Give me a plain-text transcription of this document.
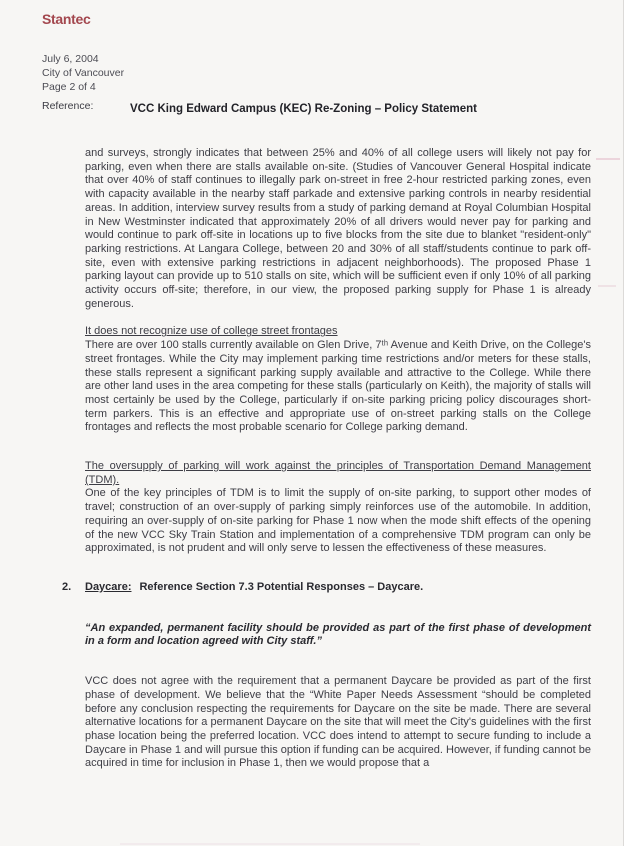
Stantec
July 6, 2004
City of Vancouver
Page 2 of 4
Reference:	VCC King Edward Campus (KEC) Re-Zoning – Policy Statement
and surveys, strongly indicates that between 25% and 40% of all college users will likely not pay for parking, even when there are stalls available on-site. (Studies of Vancouver General Hospital indicate that over 40% of staff continues to illegally park on-street in free 2-hour restricted parking zones, even with capacity available in the nearby staff parkade and extensive parking controls in nearby residential areas. In addition, interview survey results from a study of parking demand at Royal Columbian Hospital in New Westminster indicated that approximately 20% of all drivers would never pay for parking and would continue to park off-site in locations up to five blocks from the site due to blanket "resident-only" parking restrictions. At Langara College, between 20 and 30% of all staff/students continue to park off-site, even with extensive parking restrictions in adjacent neighborhoods). The proposed Phase 1 parking layout can provide up to 510 stalls on site, which will be sufficient even if only 10% of all parking activity occurs off-site; therefore, in our view, the proposed parking supply for Phase 1 is already generous.
It does not recognize use of college street frontages
There are over 100 stalls currently available on Glen Drive, 7ᵗʰ Avenue and Keith Drive, on the College's street frontages. While the City may implement parking time restrictions and/or meters for these stalls, these stalls represent a significant parking supply available and attractive to the College. While there are other land uses in the area competing for these stalls (particularly on Keith), the majority of stalls will most certainly be used by the College, particularly if on-site parking pricing policy discourages short-term parkers. This is an effective and appropriate use of on-street parking stalls on the College frontages and reflects the most probable scenario for College parking demand.
The oversupply of parking will work against the principles of Transportation Demand Management (TDM).
One of the key principles of TDM is to limit the supply of on-site parking, to support other modes of travel; construction of an over-supply of parking simply reinforces use of the automobile. In addition, requiring an over-supply of on-site parking for Phase 1 now when the mode shift effects of the opening of the new VCC Sky Train Station and implementation of a comprehensive TDM program can only be approximated, is not prudent and will only serve to lessen the effectiveness of these measures.
2. Daycare: Reference Section 7.3 Potential Responses – Daycare.
“An expanded, permanent facility should be provided as part of the first phase of development in a form and location agreed with City staff.”
VCC does not agree with the requirement that a permanent Daycare be provided as part of the first phase of development. We believe that the “White Paper Needs Assessment “should be completed before any conclusion respecting the requirements for Daycare on the site be made. There are several alternative locations for a permanent Daycare on the site that will meet the City's guidelines with the first phase location being the preferred location. VCC does intend to attempt to secure funding to include a Daycare in Phase 1 and will pursue this option if funding can be acquired. However, if funding cannot be acquired in time for inclusion in Phase 1, then we would propose that a
